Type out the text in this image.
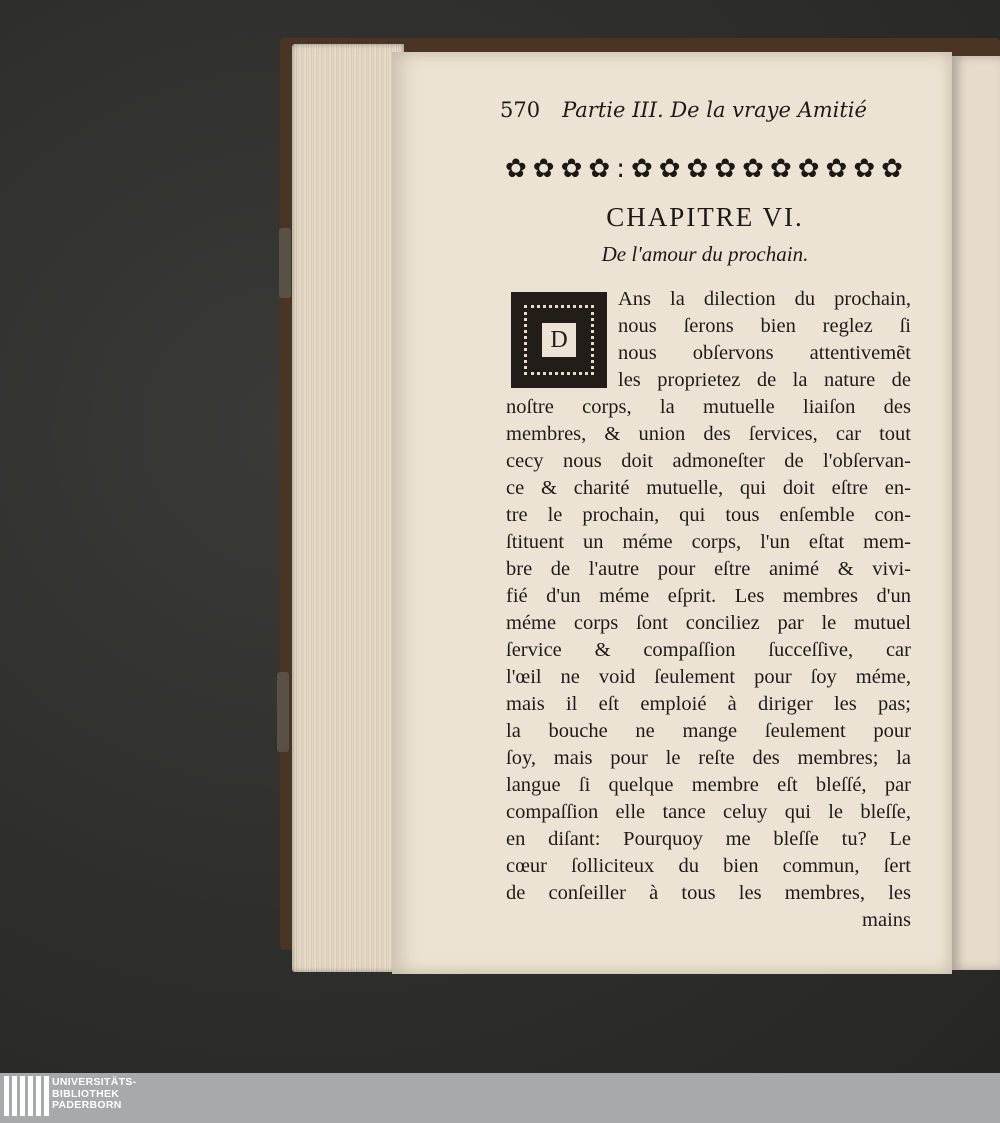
570 Partie III. De la vraye Amitié
✿ ✿ ✿ ✿ : ✿ ✿ ✿ ✿ ✿ ✿ ✿ ✿ ✿ ✿
CHAPITRE VI.
De l'amour du prochain.
D
Ans la dilection du prochain,
nous ſerons bien reglez ſi
nous obſervons attentivemẽt
les proprietez de la nature de
noſtre corps, la mutuelle liaiſon des
membres, & union des ſervices, car tout
cecy nous doit admoneſter de l'obſervan-
ce & charité mutuelle, qui doit eſtre en-
tre le prochain, qui tous enſemble con-
ſtituent un méme corps, l'un eſtat mem-
bre de l'autre pour eſtre animé & vivi-
fié d'un méme eſprit. Les membres d'un
méme corps ſont conciliez par le mutuel
ſervice & compaſſion ſucceſſive, car
l'œil ne void ſeulement pour ſoy méme,
mais il eſt emploié à diriger les pas;
la bouche ne mange ſeulement pour
ſoy, mais pour le reſte des membres; la
langue ſi quelque membre eſt bleſſé, par
compaſſion elle tance celuy qui le bleſſe,
en diſant: Pourquoy me bleſſe tu? Le
cœur ſolliciteux du bien commun, ſert
de conſeiller à tous les membres, les
mains
UNIVERSITÄTS-
BIBLIOTHEK
PADERBORN
